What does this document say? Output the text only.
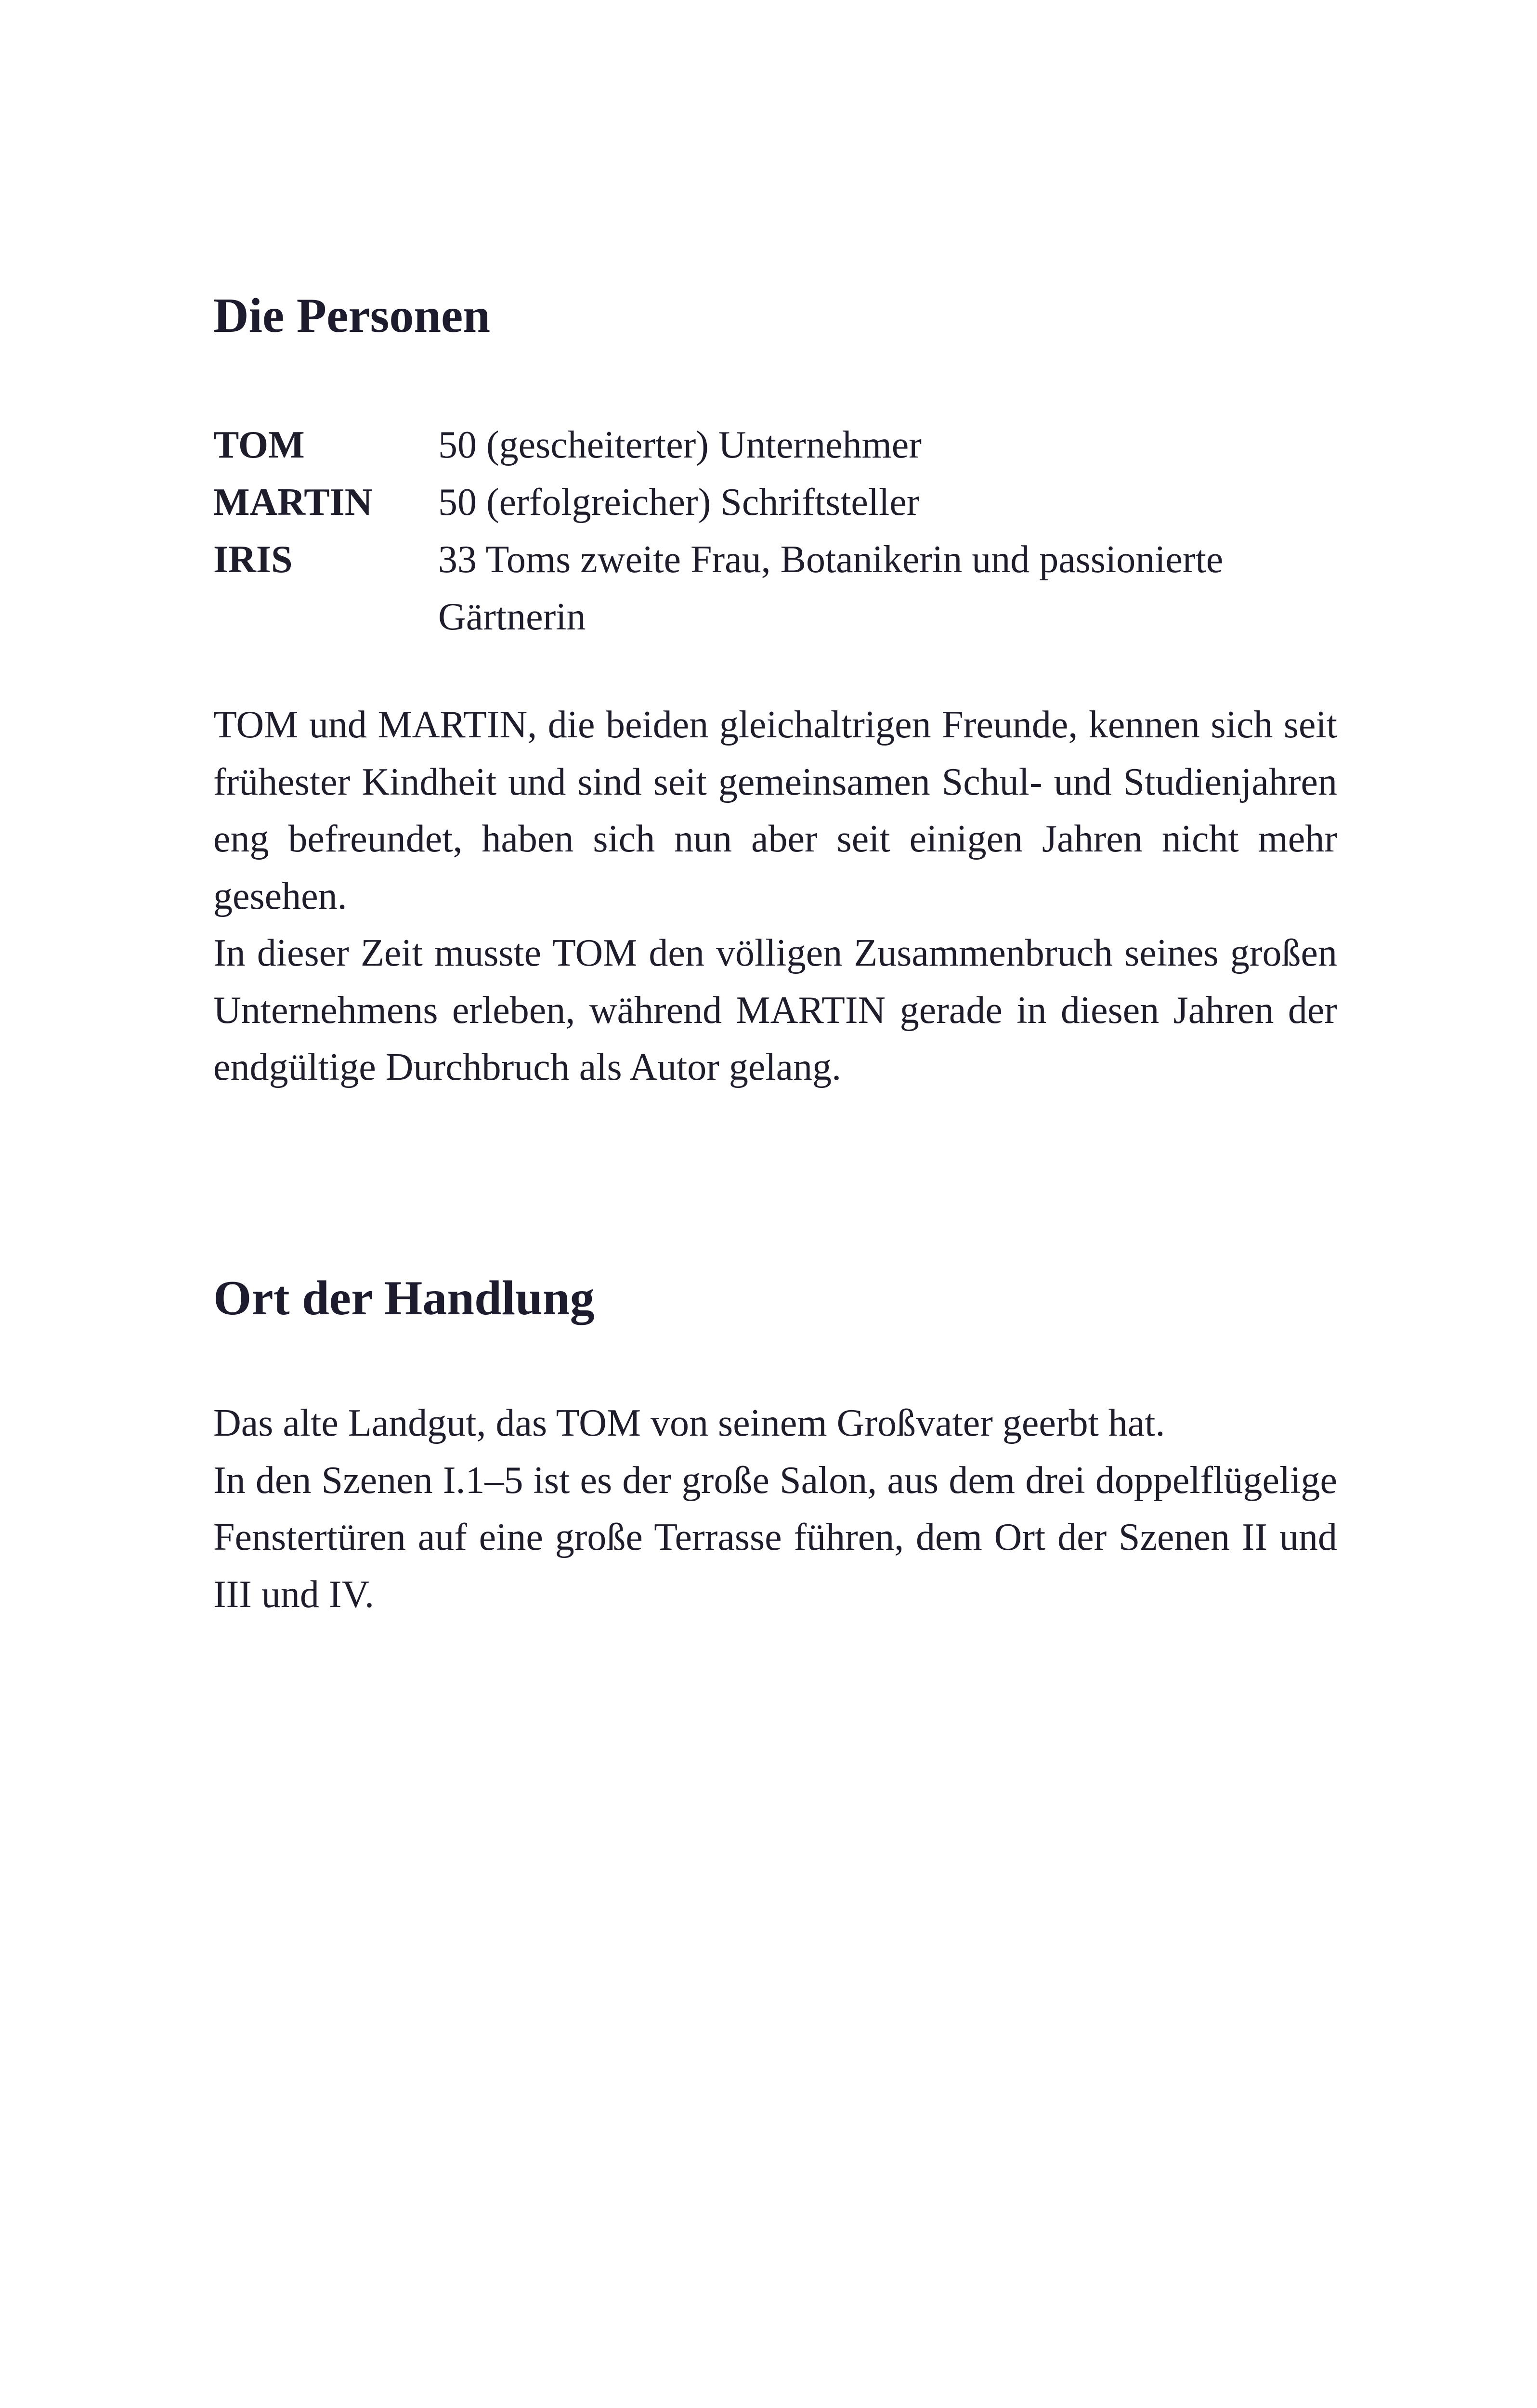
Die Personen
TOM	50 (gescheiterter) Unternehmer
MARTIN	50 (erfolgreicher) Schriftsteller
IRIS	33 Toms zweite Frau, Botanikerin und passionierte Gärtnerin

TOM und MARTIN, die beiden gleichaltrigen Freunde, kennen sich seit frühester Kindheit und sind seit gemeinsamen Schul- und Studienjahren eng befreundet, haben sich nun aber seit einigen Jahren nicht mehr gesehen.

In dieser Zeit musste TOM den völligen Zusammenbruch seines großen Unternehmens erleben, während MARTIN gerade in diesen Jahren der endgültige Durchbruch als Autor gelang.

Ort der Handlung

Das alte Landgut, das TOM von seinem Großvater geerbt hat.

In den Szenen I.1–5 ist es der große Salon, aus dem drei doppelflügelige Fenstertüren auf eine große Terrasse führen, dem Ort der Szenen II und III und IV.
